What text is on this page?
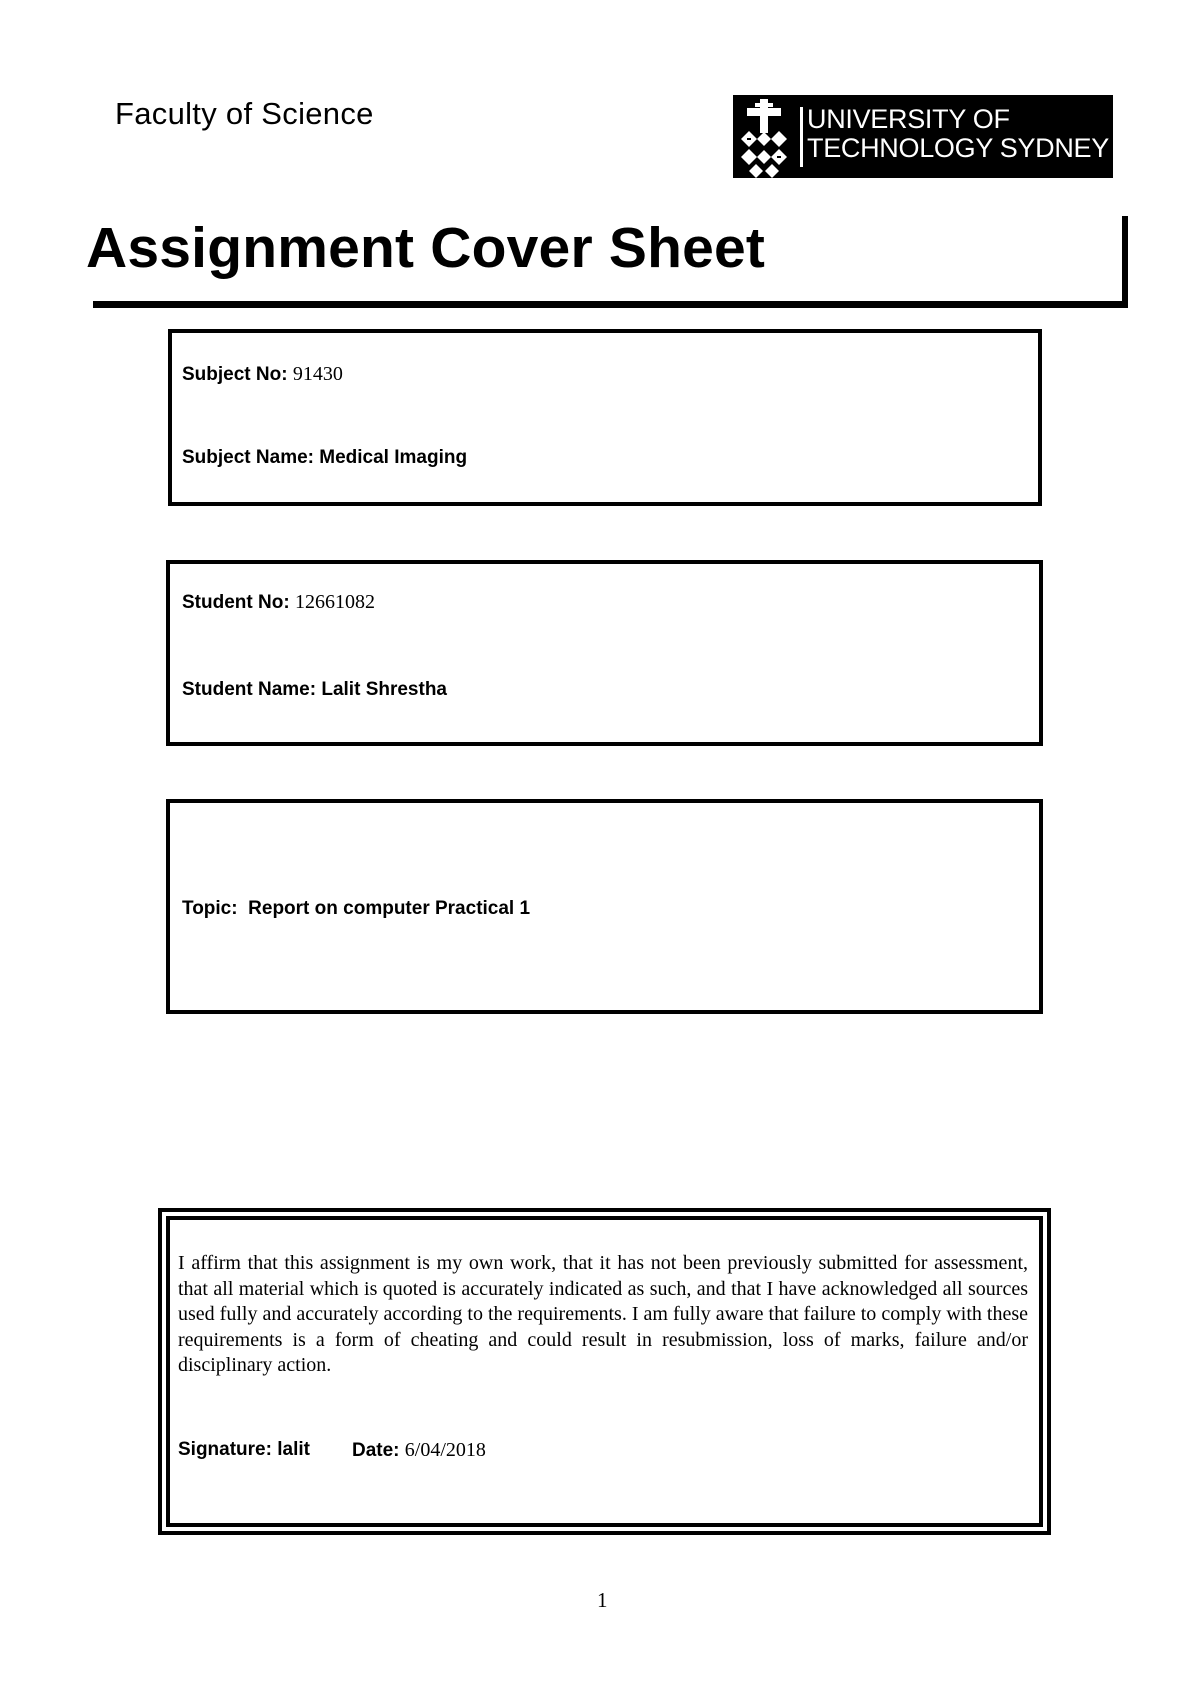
Faculty of Science	UNIVERSITY OF
TECHNOLOGY SYDNEY
Assignment Cover Sheet
Subject No: 91430
Subject Name: Medical Imaging
Student No: 12661082
Student Name: Lalit Shrestha
Topic: Report on computer Practical 1
I affirm that this assignment is my own work, that it has not been previously submitted for assessment, that all material which is quoted is accurately indicated as such, and that I have acknowledged all sources used fully and accurately according to the requirements. I am fully aware that failure to comply with these requirements is a form of cheating and could result in resubmission, loss of marks, failure and/or disciplinary action.
Signature: lalit Date: 6/04/2018
1
